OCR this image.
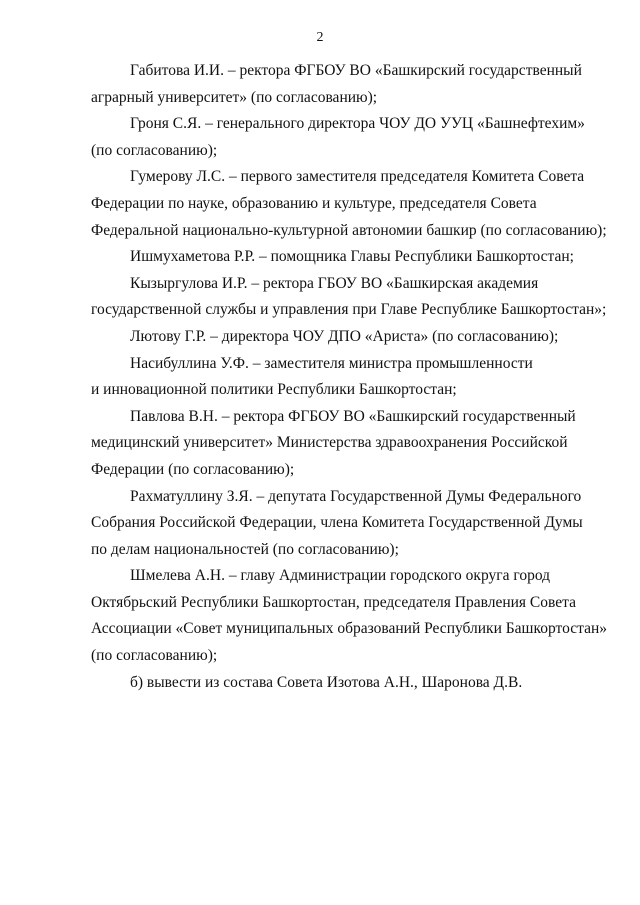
2

Габитова И.И. – ректора ФГБОУ ВО «Башкирский государственный
аграрный университет» (по согласованию);

Гроня С.Я. – генерального директора ЧОУ ДО УУЦ «Башнефтехим»
(по согласованию);

Гумерову Л.С. – первого заместителя председателя Комитета Совета
Федерации по науке, образованию и культуре, председателя Совета
Федеральной национально-культурной автономии башкир (по согласованию);

Ишмухаметова Р.Р. – помощника Главы Республики Башкортостан;

Кызыргулова И.Р. – ректора ГБОУ ВО «Башкирская академия
государственной службы и управления при Главе Республике Башкортостан»;

Лютову Г.Р. – директора ЧОУ ДПО «Ариста» (по согласованию);

Насибуллина У.Ф. – заместителя министра промышленности
и инновационной политики Республики Башкортостан;

Павлова В.Н. – ректора ФГБОУ ВО «Башкирский государственный
медицинский университет» Министерства здравоохранения Российской
Федерации (по согласованию);

Рахматуллину З.Я. – депутата Государственной Думы Федерального
Собрания Российской Федерации, члена Комитета Государственной Думы
по делам национальностей (по согласованию);

Шмелева А.Н. – главу Администрации городского округа город
Октябрьский Республики Башкортостан, председателя Правления Совета
Ассоциации «Совет муниципальных образований Республики Башкортостан»
(по согласованию);

б) вывести из состава Совета Изотова А.Н., Шаронова Д.В.
